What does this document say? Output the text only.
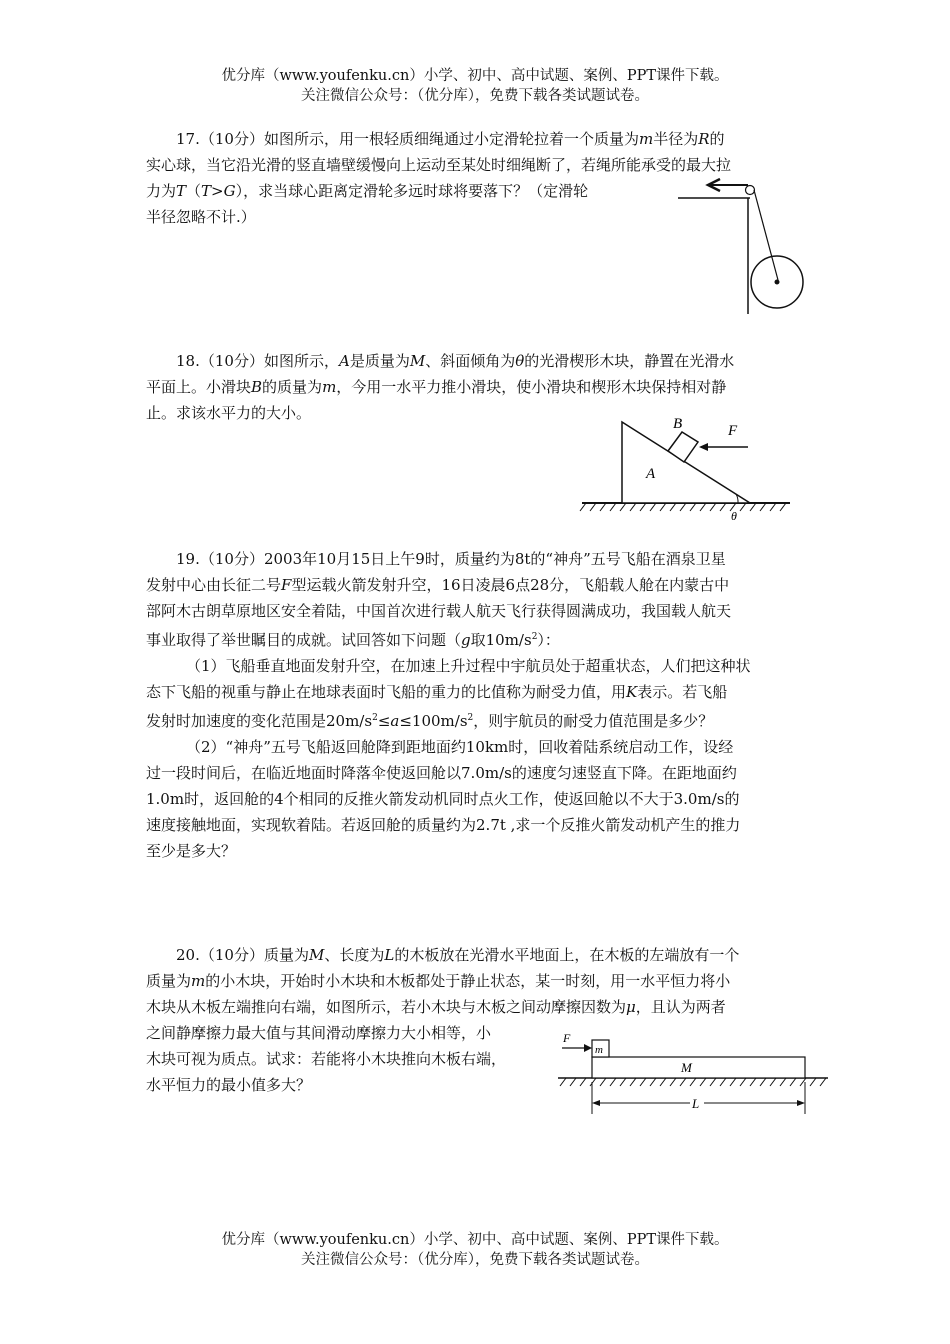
优分库（www.youfenku.cn）小学、初中、高中试题、案例、PPT课件下载。
关注微信公众号：（优分库），免费下载各类试题试卷。

17.（10分）如图所示，用一根轻质细绳通过小定滑轮拉着一个质量为m半径为R的

实心球，当它沿光滑的竖直墙壁缓慢向上运动至某处时细绳断了，若绳所能承受的最大拉

力为T（T>G），求当球心距离定滑轮多远时球将要落下？（定滑轮

半径忽略不计.）

18.（10分）如图所示，A是质量为M、斜面倾角为θ的光滑楔形木块，静置在光滑水

平面上。小滑块B的质量为m，今用一水平力推小滑块，使小滑块和楔形木块保持相对静

止。求该水平力的大小。

B	F
A
θ

19.（10分）2003年10月15日上午9时，质量约为8t的“神舟”五号飞船在酒泉卫星

发射中心由长征二号F型运载火箭发射升空，16日凌晨6点28分，飞船载人舱在内蒙古中

部阿木古朗草原地区安全着陆，中国首次进行载人航天飞行获得圆满成功，我国载人航天

事业取得了举世瞩目的成就。试回答如下问题（g取$10m/s^2$）：

（1）飞船垂直地面发射升空，在加速上升过程中宇航员处于超重状态，人们把这种状

态下飞船的视重与静止在地球表面时飞船的重力的比值称为耐受力值，用K表示。若飞船

发射时加速度的变化范围是$20m/s^2\le a\le 100m/s^2$，则宇航员的耐受力值范围是多少？

（2）“神舟”五号飞船返回舱降到距地面约10km时，回收着陆系统启动工作，设经

过一段时间后，在临近地面时降落伞使返回舱以7.0m/s的速度匀速竖直下降。在距地面约

1.0m时，返回舱的4个相同的反推火箭发动机同时点火工作，使返回舱以不大于3.0m/s的

速度接触地面，实现软着陆。若返回舱的质量约为2.7t ,求一个反推火箭发动机产生的推力

至少是多大？

20.（10分）质量为M、长度为L的木板放在光滑水平地面上，在木板的左端放有一个

质量为m的小木块，开始时小木块和木板都处于静止状态，某一时刻，用一水平恒力将小

木块从木板左端推向右端，如图所示，若小木块与木板之间动摩擦因数为μ，且认为两者

之间静摩擦力最大值与其间滑动摩擦力大小相等，小

木块可视为质点。试求：若能将小木块推向木板右端，

水平恒力的最小值多大？

F
m
M
L
优分库（www.youfenku.cn）小学、初中、高中试题、案例、PPT课件下载。
关注微信公众号：（优分库），免费下载各类试题试卷。
